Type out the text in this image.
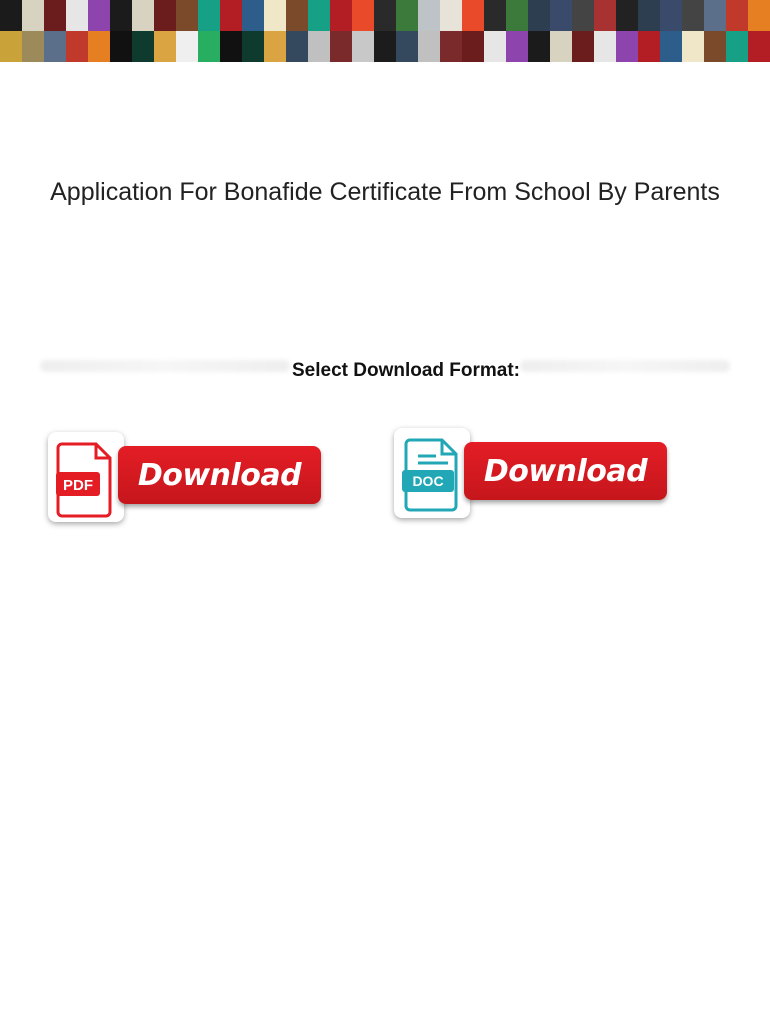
Application For Bonafide Certificate From School By Parents
Select Download Format:
PDF	Download	DOC	Download
